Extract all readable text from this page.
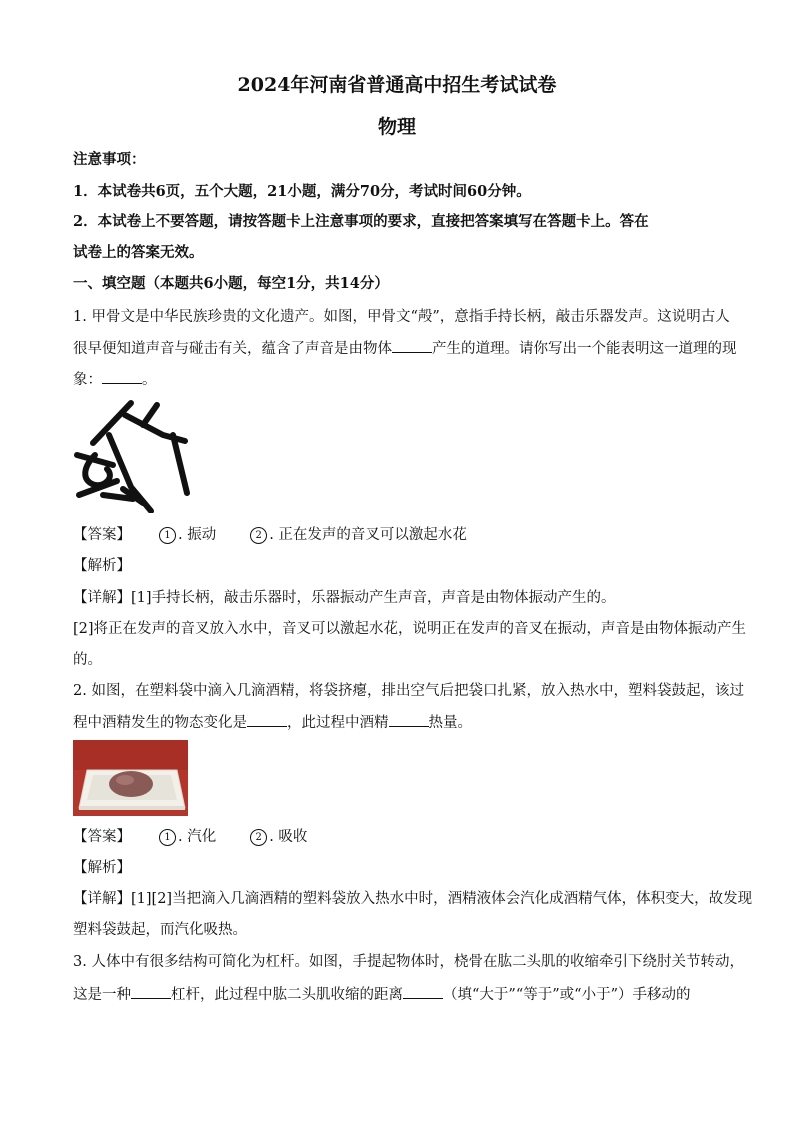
2024年河南省普通高中招生考试试卷
物理
注意事项：
1．本试卷共6页，五个大题，21小题，满分70分，考试时间60分钟。
2．本试卷上不要答题，请按答题卡上注意事项的要求，直接把答案填写在答题卡上。答在
试卷上的答案无效。
一、填空题（本题共6小题，每空1分，共14分）
1. 甲骨文是中华民族珍贵的文化遗产。如图，甲骨文“殸”，意指手持长柄，敲击乐器发声。这说明古人
很早便知道声音与碰击有关，蕴含了声音是由物体	产生的道理。请你写出一个能表明这一道理的现
象：	。
【答案】	1 . 振动	2 . 正在发声的音叉可以激起水花
【解析】
【详解】[1]手持长柄，敲击乐器时，乐器振动产生声音，声音是由物体振动产生的。
[2]将正在发声的音叉放入水中，音叉可以激起水花，说明正在发声的音叉在振动，声音是由物体振动产生
的。
2. 如图，在塑料袋中滴入几滴酒精，将袋挤瘪，排出空气后把袋口扎紧，放入热水中，塑料袋鼓起，该过
程中酒精发生的物态变化是	，此过程中酒精	热量。
【答案】	1 . 汽化	2 . 吸收
【解析】
【详解】[1][2]当把滴入几滴酒精的塑料袋放入热水中时，酒精液体会汽化成酒精气体，体积变大，故发现
塑料袋鼓起，而汽化吸热。
3. 人体中有很多结构可简化为杠杆。如图，手提起物体时，桡骨在肱二头肌的收缩牵引下绕肘关节转动，
这是一种	杠杆，此过程中肱二头肌收缩的距离	（填“大于”“等于”或“小于”）手移动的
